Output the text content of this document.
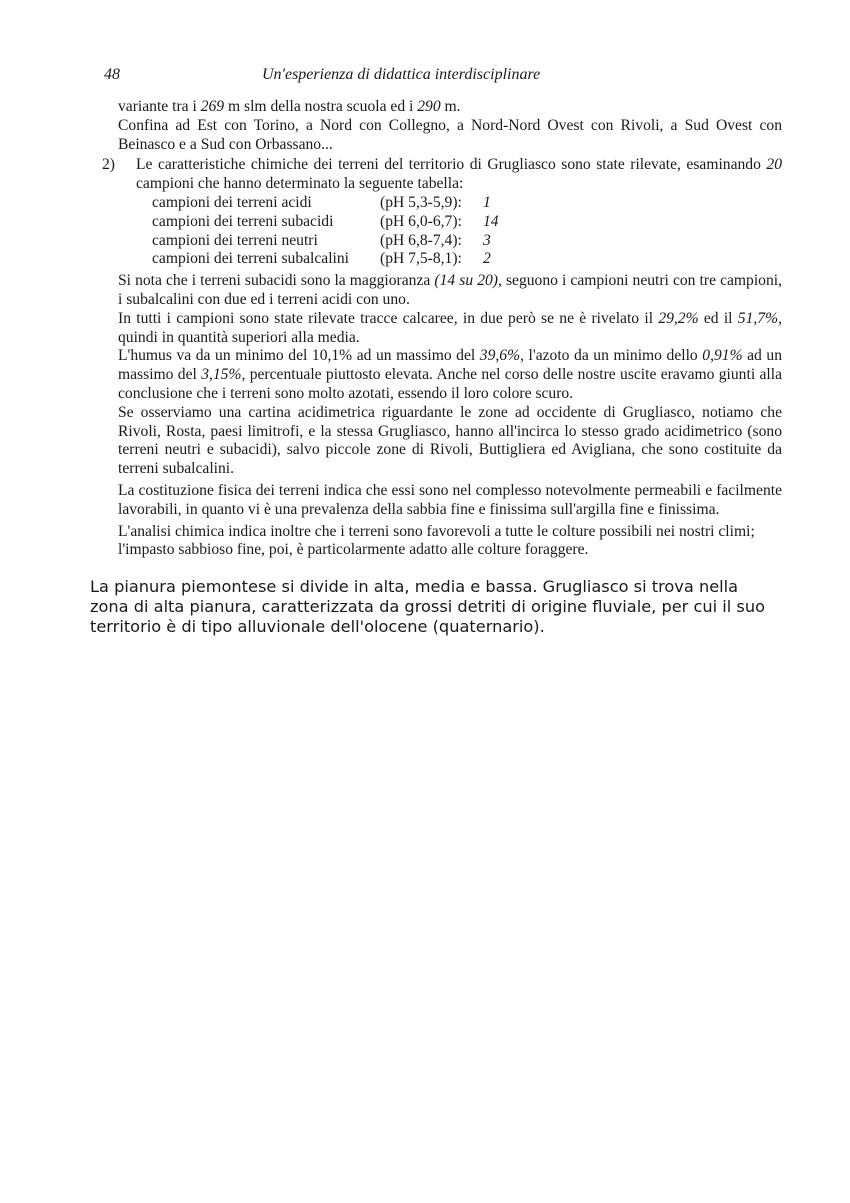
48	Un'esperienza di didattica interdisciplinare

variante tra i 269 m slm della nostra scuola ed i 290 m.

Confina ad Est con Torino, a Nord con Collegno, a Nord-Nord Ovest con Rivoli, a Sud Ovest con Beinasco e a Sud con Orbassano...

2) Le caratteristiche chimiche dei terreni del territorio di Grugliasco sono state rilevate, esaminando 20 campioni che hanno determinato la seguente tabella:

campioni dei terreni acidi	(pH 5,3-5,9):	1
campioni dei terreni subacidi	(pH 6,0-6,7):	14
campioni dei terreni neutri	(pH 6,8-7,4):	3
campioni dei terreni subalcalini	(pH 7,5-8,1):	2

Si nota che i terreni subacidi sono la maggioranza (14 su 20), seguono i campioni neutri con tre campioni, i subalcalini con due ed i terreni acidi con uno.

In tutti i campioni sono state rilevate tracce calcaree, in due però se ne è rivelato il 29,2% ed il 51,7%, quindi in quantità superiori alla media.

L'humus va da un minimo del 10,1% ad un massimo del 39,6%, l'azoto da un minimo dello 0,91% ad un massimo del 3,15%, percentuale piuttosto elevata. Anche nel corso delle nostre uscite eravamo giunti alla conclusione che i terreni sono molto azotati, essendo il loro colore scuro.

Se osserviamo una cartina acidimetrica riguardante le zone ad occidente di Grugliasco, notiamo che Rivoli, Rosta, paesi limitrofi, e la stessa Grugliasco, hanno all'incirca lo stesso grado acidimetrico (sono terreni neutri e subacidi), salvo piccole zone di Rivoli, Buttigliera ed Avigliana, che sono costituite da terreni subalcalini.

La costituzione fisica dei terreni indica che essi sono nel complesso notevolmente permeabili e facilmente lavorabili, in quanto vi è una prevalenza della sabbia fine e finissima sull'argilla fine e finissima.

L'analisi chimica indica inoltre che i terreni sono favorevoli a tutte le colture possibili nei nostri climi; l'impasto sabbioso fine, poi, è particolarmente adatto alle colture foraggere.

La pianura piemontese si divide in alta, media e bassa. Grugliasco si trova nella

zona di alta pianura, caratterizzata da grossi detriti di origine fluviale, per cui il suo

territorio è di tipo alluvionale dell'olocene (quaternario).
